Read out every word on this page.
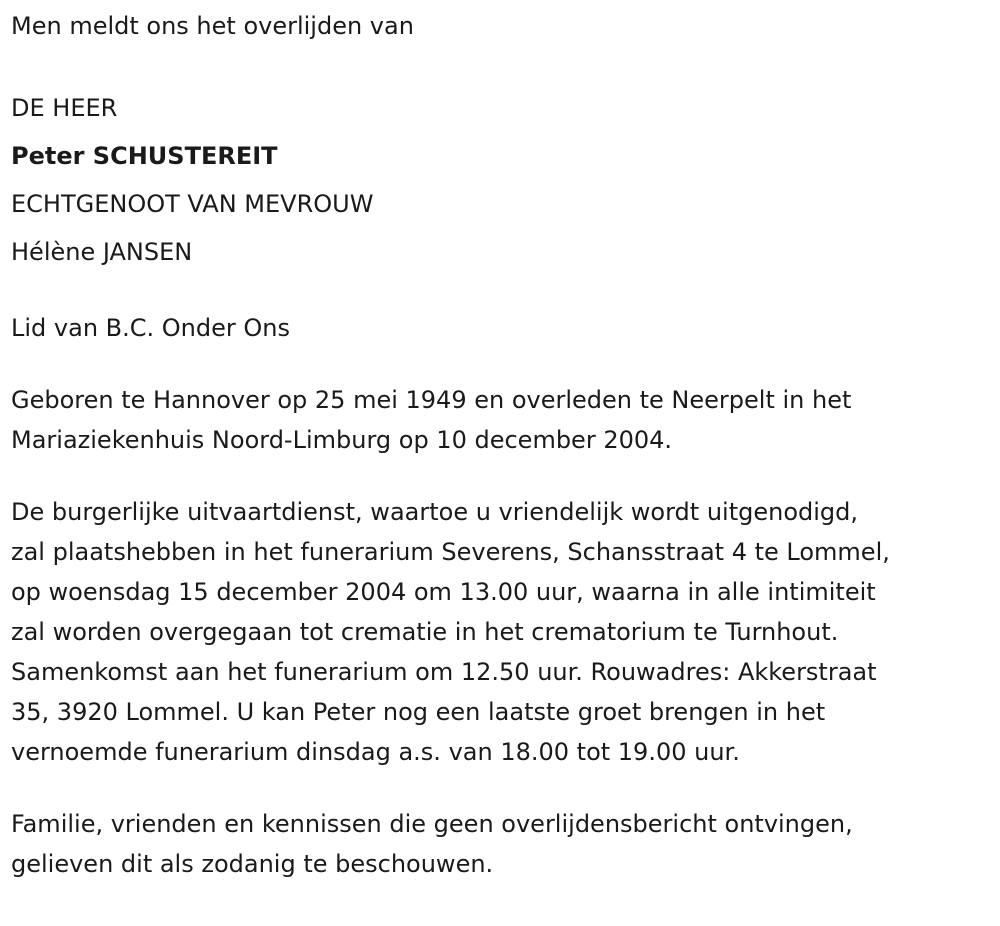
Men meldt ons het overlijden van
DE HEER
Peter SCHUSTEREIT
ECHTGENOOT VAN MEVROUW
Hélène JANSEN
Lid van B.C. Onder Ons
Geboren te Hannover op 25 mei 1949 en overleden te Neerpelt in het
Mariaziekenhuis Noord-Limburg op 10 december 2004.
De burgerlijke uitvaartdienst, waartoe u vriendelijk wordt uitgenodigd,
zal plaatshebben in het funerarium Severens, Schansstraat 4 te Lommel,
op woensdag 15 december 2004 om 13.00 uur, waarna in alle intimiteit
zal worden overgegaan tot crematie in het crematorium te Turnhout.
Samenkomst aan het funerarium om 12.50 uur. Rouwadres: Akkerstraat
35, 3920 Lommel. U kan Peter nog een laatste groet brengen in het
vernoemde funerarium dinsdag a.s. van 18.00 tot 19.00 uur.
Familie, vrienden en kennissen die geen overlijdensbericht ontvingen,
gelieven dit als zodanig te beschouwen.
